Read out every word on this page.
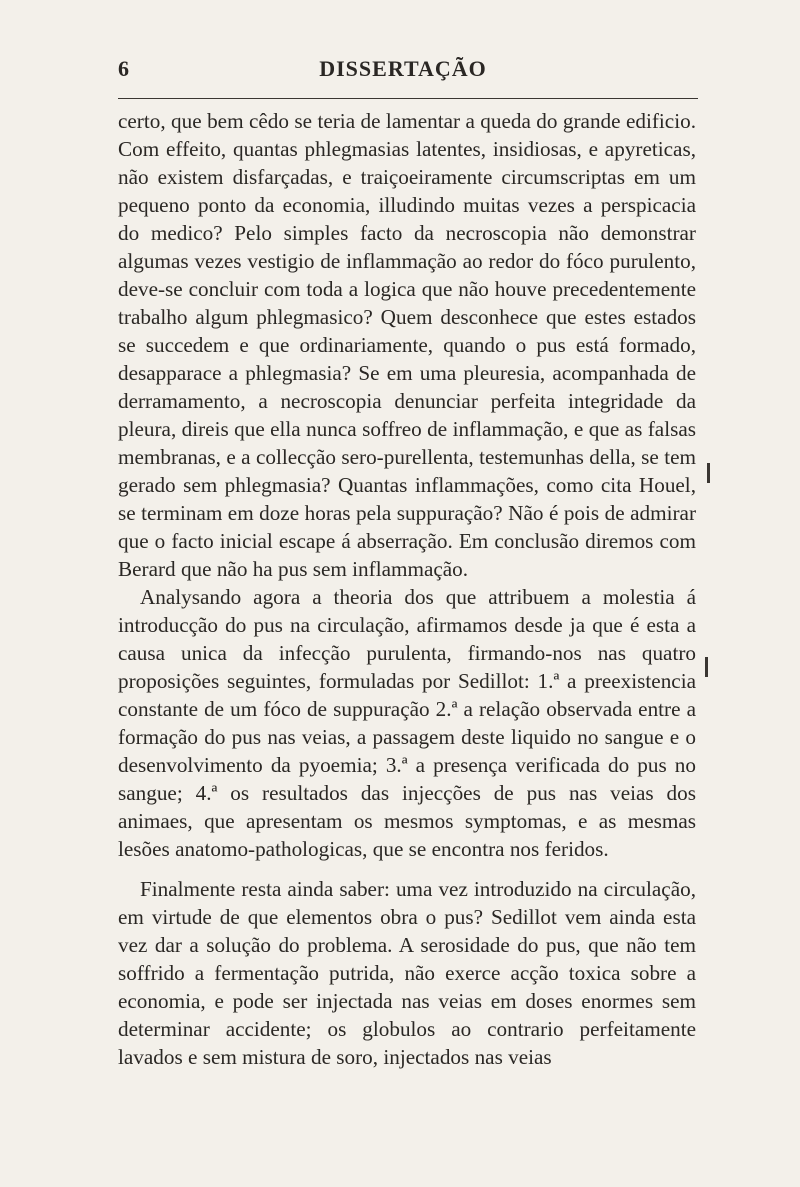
6	DISSERTAÇÃO

certo, que bem cêdo se teria de lamentar a queda do grande edificio. Com effeito, quantas phlegmasias latentes, insidiosas, e apyreticas, não existem disfarçadas, e traiçoeiramente circumscriptas em um pequeno ponto da economia, illudindo muitas vezes a perspicacia do medico? Pelo simples facto da necroscopia não demonstrar algumas vezes vestigio de inflammação ao redor do fóco purulento, deve-se concluir com toda a logica que não houve precedentemente trabalho algum phlegmasico? Quem desconhece que estes estados se succedem e que ordinariamente, quando o pus está formado, desapparace a phlegmasia? Se em uma pleuresia, acompanhada de derramamento, a necroscopia denunciar perfeita integridade da pleura, direis que ella nunca soffreo de inflammação, e que as falsas membranas, e a collecção sero-purellenta, testemunhas della, se tem gerado sem phlegmasia? Quantas inflammações, como cita Houel, se terminam em doze horas pela suppuração? Não é pois de admirar que o facto inicial escape á abserração. Em conclusão diremos com Berard que não ha pus sem inflammação.

Analysando agora a theoria dos que attribuem a molestia á introducção do pus na circulação, afirmamos desde ja que é esta a causa unica da infecção purulenta, firmando-nos nas quatro proposições seguintes, formuladas por Sedillot: 1.ª a preexistencia constante de um fóco de suppuração 2.ª a relação observada entre a formação do pus nas veias, a passagem deste liquido no sangue e o desenvolvimento da pyoemia; 3.ª a presença verificada do pus no sangue; 4.ª os resultados das injecções de pus nas veias dos animaes, que apresentam os mesmos symptomas, e as mesmas lesões anatomo-pathologicas, que se encontra nos feridos.

Finalmente resta ainda saber: uma vez introduzido na circulação, em virtude de que elementos obra o pus? Sedillot vem ainda esta vez dar a solução do problema. A serosidade do pus, que não tem soffrido a fermentação putrida, não exerce acção toxica sobre a economia, e pode ser injectada nas veias em doses enormes sem determinar accidente; os globulos ao contrario perfeitamente lavados e sem mistura de soro, injectados nas veias
